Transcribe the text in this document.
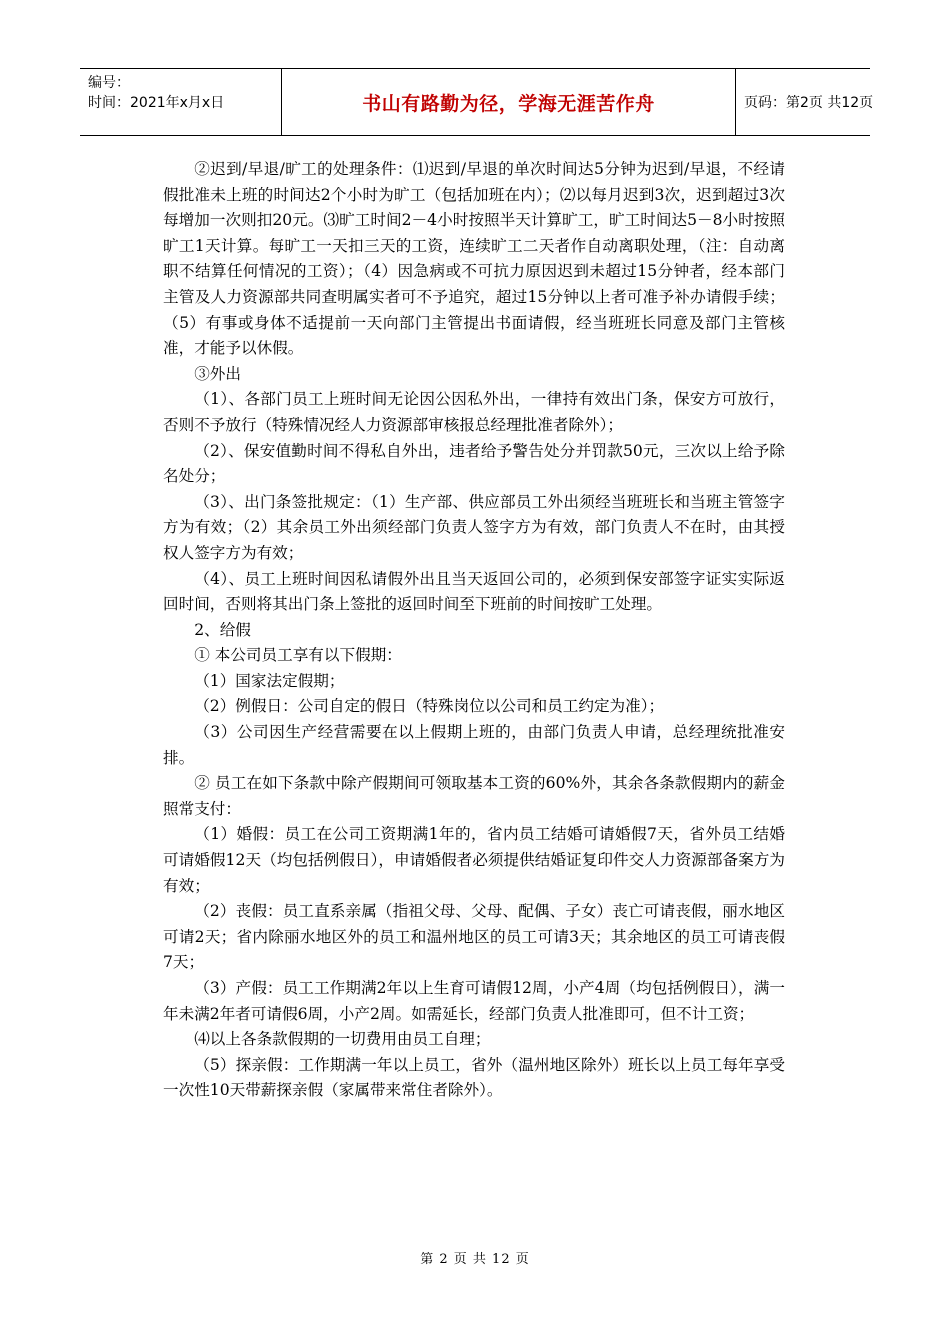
编号：
时间：2021年x月x日	书山有路勤为径，学海无涯苦作舟	页码：第2页 共12页

②迟到/早退/旷工的处理条件：⑴迟到/早退的单次时间达5分钟为迟到/早退，不经请假批准未上班的时间达2个小时为旷工（包括加班在内）；⑵以每月迟到3次，迟到超过3次每增加一次则扣20元。⑶旷工时间2－4小时按照半天计算旷工，旷工时间达5－8小时按照旷工1天计算。每旷工一天扣三天的工资，连续旷工二天者作自动离职处理，（注：自动离职不结算任何情况的工资）；（4）因急病或不可抗力原因迟到未超过15分钟者，经本部门主管及人力资源部共同查明属实者可不予追究，超过15分钟以上者可准予补办请假手续；（5）有事或身体不适提前一天向部门主管提出书面请假，经当班班长同意及部门主管核准，才能予以休假。

③外出

（1）、各部门员工上班时间无论因公因私外出，一律持有效出门条，保安方可放行，否则不予放行（特殊情况经人力资源部审核报总经理批准者除外）；

（2）、保安值勤时间不得私自外出，违者给予警告处分并罚款50元，三次以上给予除名处分；

（3）、出门条签批规定：（1）生产部、供应部员工外出须经当班班长和当班主管签字方为有效；（2）其余员工外出须经部门负责人签字方为有效，部门负责人不在时，由其授权人签字方为有效；

（4）、员工上班时间因私请假外出且当天返回公司的，必须到保安部签字证实实际返回时间，否则将其出门条上签批的返回时间至下班前的时间按旷工处理。

2、给假

① 本公司员工享有以下假期：

（1）国家法定假期；

（2）例假日：公司自定的假日（特殊岗位以公司和员工约定为准）；

（3）公司因生产经营需要在以上假期上班的，由部门负责人申请，总经理统批准安排。

② 员工在如下条款中除产假期间可领取基本工资的60%外，其余各条款假期内的薪金照常支付：

（1）婚假：员工在公司工资期满1年的，省内员工结婚可请婚假7天，省外员工结婚可请婚假12天（均包括例假日），申请婚假者必须提供结婚证复印件交人力资源部备案方为有效；

（2）丧假：员工直系亲属（指祖父母、父母、配偶、子女）丧亡可请丧假，丽水地区可请2天；省内除丽水地区外的员工和温州地区的员工可请3天；其余地区的员工可请丧假7天；

（3）产假：员工工作期满2年以上生育可请假12周，小产4周（均包括例假日），满一年未满2年者可请假6周，小产2周。如需延长，经部门负责人批准即可，但不计工资；

⑷以上各条款假期的一切费用由员工自理；

（5）探亲假：工作期满一年以上员工，省外（温州地区除外）班长以上员工每年享受一次性10天带薪探亲假（家属带来常住者除外）。

第 2 页 共 12 页
